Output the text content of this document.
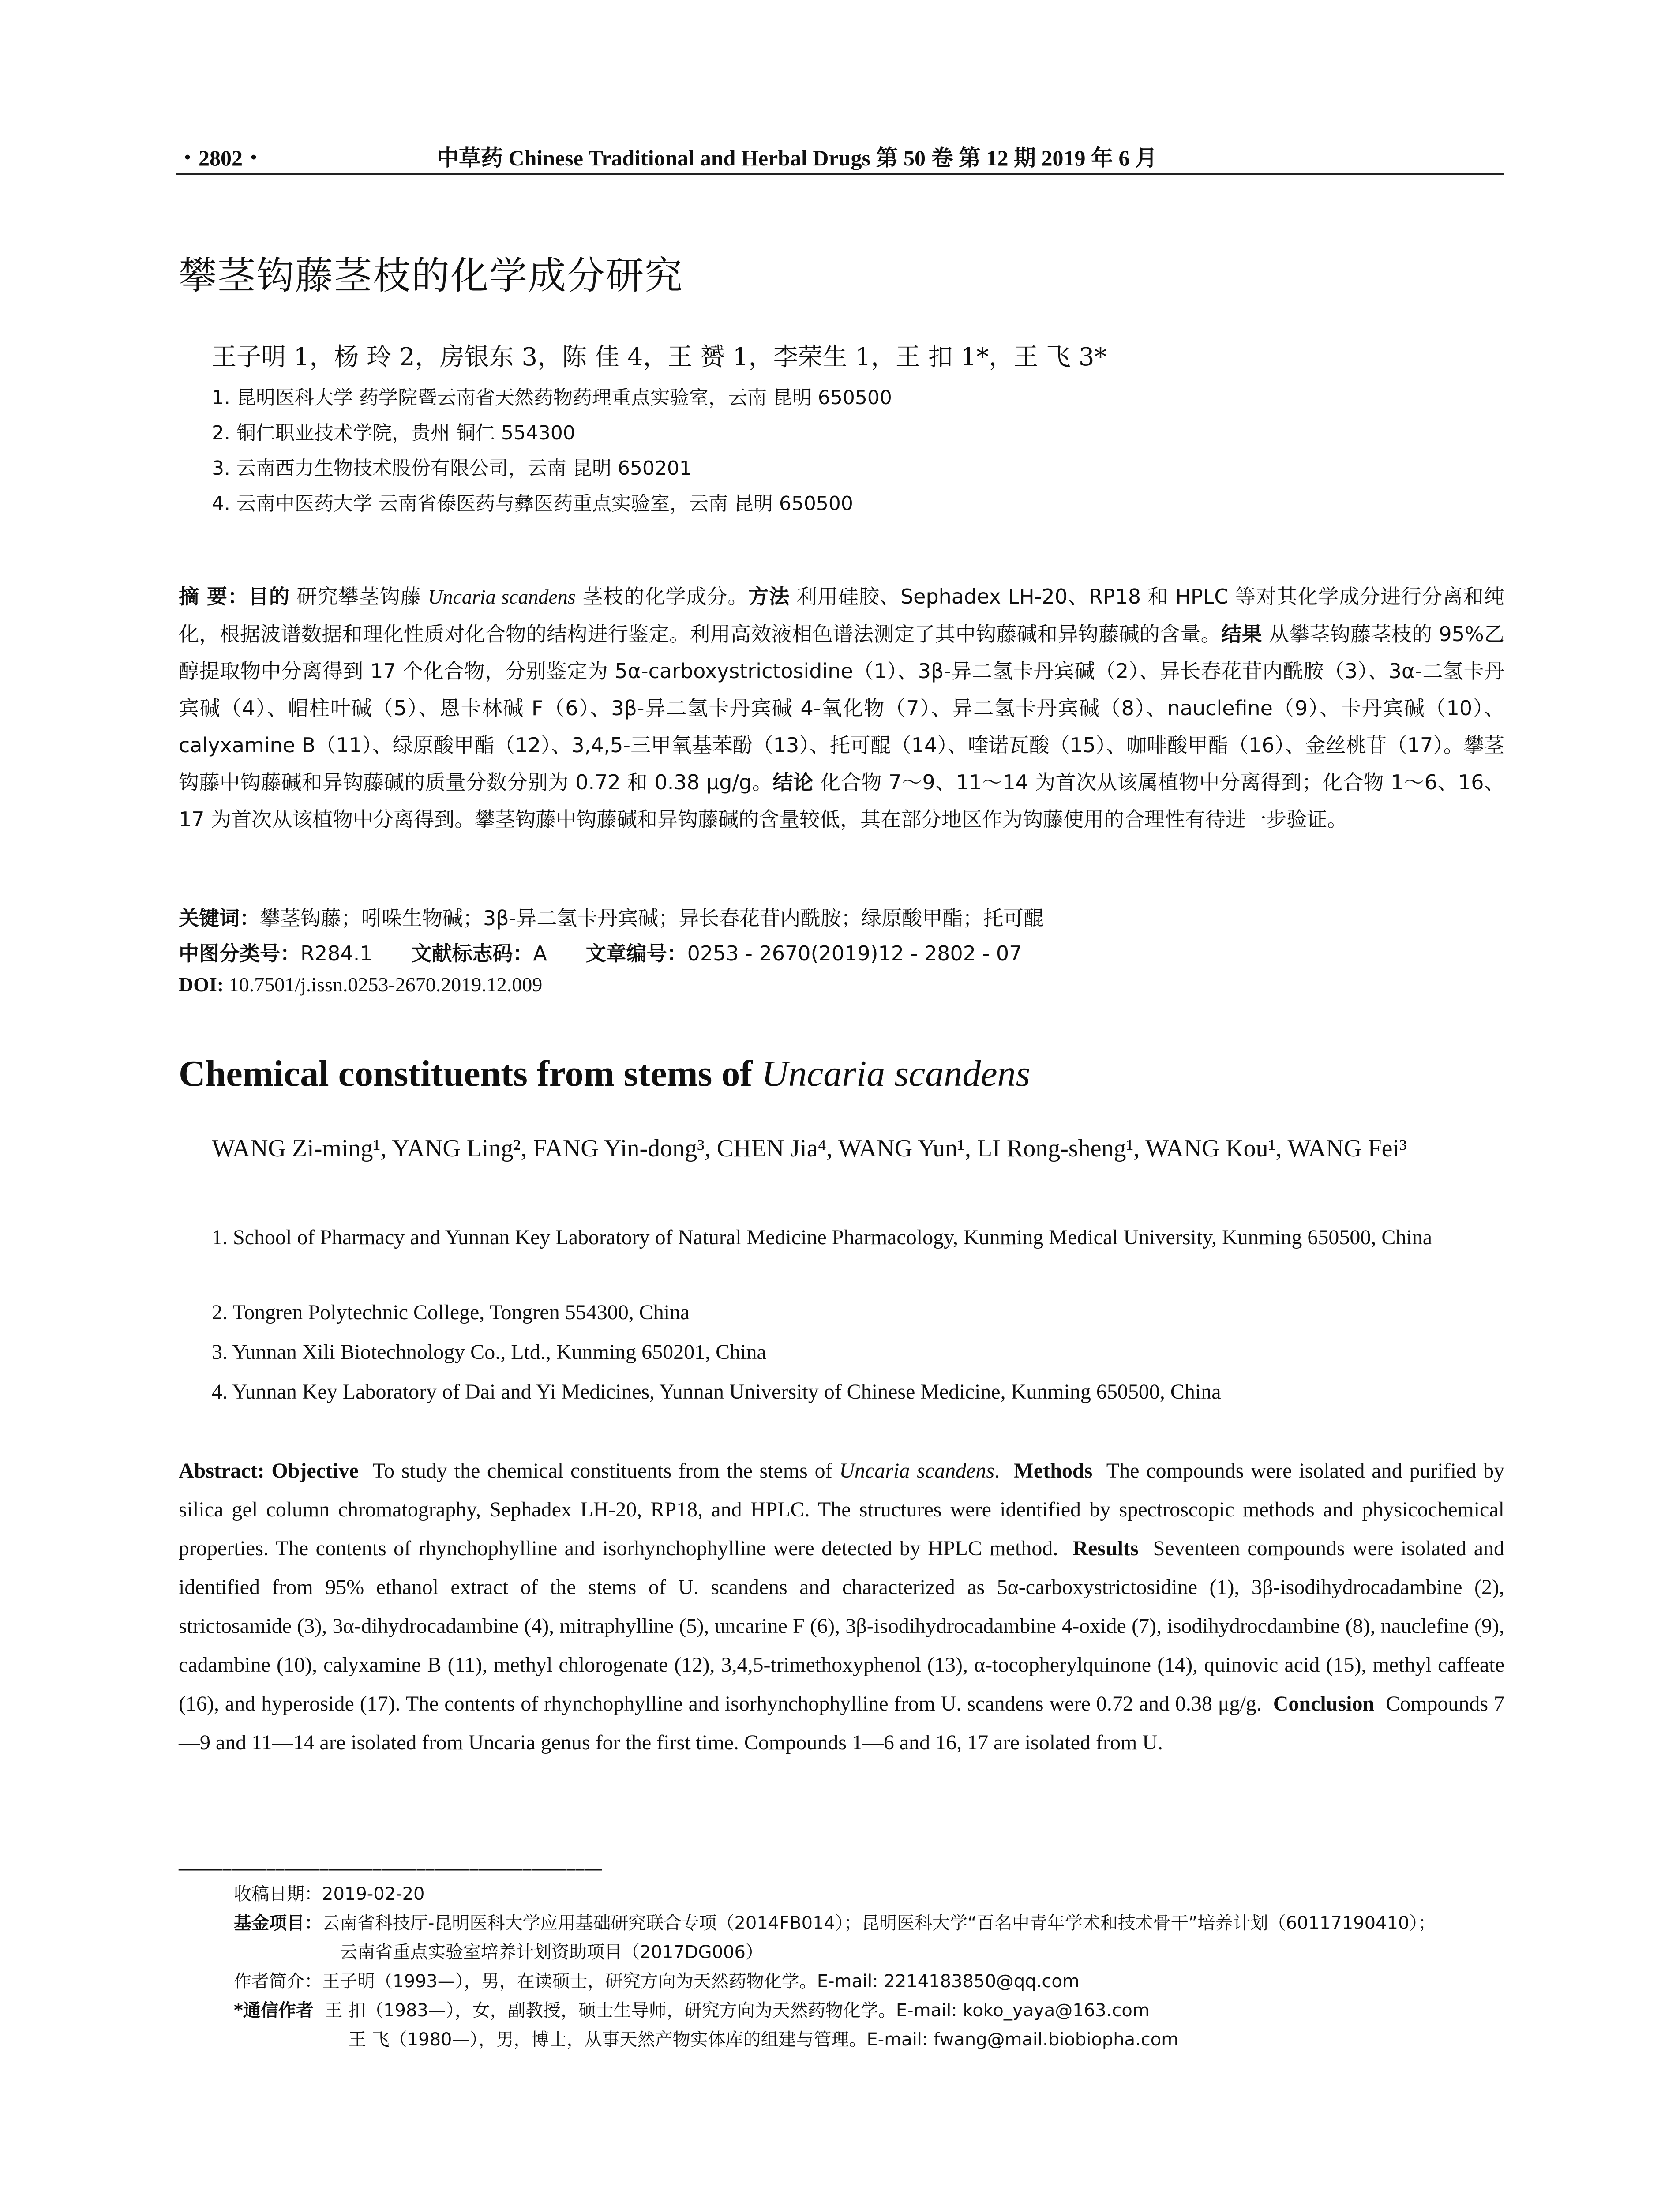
・2802・	中草药 Chinese Traditional and Herbal Drugs 第 50 卷 第 12 期 2019 年 6 月
攀茎钩藤茎枝的化学成分研究
王子明 1，杨 玲 2，房银东 3，陈 佳 4，王 赟 1，李荣生 1，王 扣 1*，王 飞 3*
1. 昆明医科大学 药学院暨云南省天然药物药理重点实验室，云南 昆明 650500
2. 铜仁职业技术学院，贵州 铜仁 554300
3. 云南西力生物技术股份有限公司，云南 昆明 650201
4. 云南中医药大学 云南省傣医药与彝医药重点实验室，云南 昆明 650500
摘 要：目的 研究攀茎钩藤 Uncaria scandens 茎枝的化学成分。方法 利用硅胶、Sephadex LH-20、RP18 和 HPLC 等对其化学成分进行分离和纯化，根据波谱数据和理化性质对化合物的结构进行鉴定。利用高效液相色谱法测定了其中钩藤碱和异钩藤碱的含量。结果 从攀茎钩藤茎枝的 95%乙醇提取物中分离得到 17 个化合物，分别鉴定为 5α-carboxystrictosidine（1）、3β-异二氢卡丹宾碱（2）、异长春花苷内酰胺（3）、3α-二氢卡丹宾碱（4）、帽柱叶碱（5）、恩卡林碱 F（6）、3β-异二氢卡丹宾碱 4-氧化物（7）、异二氢卡丹宾碱（8）、nauclefine（9）、卡丹宾碱（10）、calyxamine B（11）、绿原酸甲酯（12）、3,4,5-三甲氧基苯酚（13）、托可醌（14）、喹诺瓦酸（15）、咖啡酸甲酯（16）、金丝桃苷（17）。攀茎钩藤中钩藤碱和异钩藤碱的质量分数分别为 0.72 和 0.38 μg/g。结论 化合物 7～9、11～14 为首次从该属植物中分离得到；化合物 1～6、16、17 为首次从该植物中分离得到。攀茎钩藤中钩藤碱和异钩藤碱的含量较低，其在部分地区作为钩藤使用的合理性有待进一步验证。
关键词：攀茎钩藤；吲哚生物碱；3β-异二氢卡丹宾碱；异长春花苷内酰胺；绿原酸甲酯；托可醌
中图分类号：R284.1 文献标志码：A 文章编号：0253 - 2670(2019)12 - 2802 - 07
DOI: 10.7501/j.issn.0253-2670.2019.12.009
Chemical constituents from stems of Uncaria scandens
WANG Zi-ming¹, YANG Ling², FANG Yin-dong³, CHEN Jia⁴, WANG Yun¹, LI Rong-sheng¹, WANG Kou¹, WANG Fei³
1. School of Pharmacy and Yunnan Key Laboratory of Natural Medicine Pharmacology, Kunming Medical University, Kunming 650500, China
2. Tongren Polytechnic College, Tongren 554300, China
3. Yunnan Xili Biotechnology Co., Ltd., Kunming 650201, China
4. Yunnan Key Laboratory of Dai and Yi Medicines, Yunnan University of Chinese Medicine, Kunming 650500, China
Abstract: Objective To study the chemical constituents from the stems of Uncaria scandens. Methods The compounds were isolated and purified by silica gel column chromatography, Sephadex LH-20, RP18, and HPLC. The structures were identified by spectroscopic methods and physicochemical properties. The contents of rhynchophylline and isorhynchophylline were detected by HPLC method. Results Seventeen compounds were isolated and identified from 95% ethanol extract of the stems of U. scandens and characterized as 5α-carboxystrictosidine (1), 3β-isodihydrocadambine (2), strictosamide (3), 3α-dihydrocadambine (4), mitraphylline (5), uncarine F (6), 3β-isodihydrocadambine 4-oxide (7), isodihydrocdambine (8), nauclefine (9), cadambine (10), calyxamine B (11), methyl chlorogenate (12), 3,4,5-trimethoxyphenol (13), α-tocopherylquinone (14), quinovic acid (15), methyl caffeate (16), and hyperoside (17). The contents of rhynchophylline and isorhynchophylline from U. scandens were 0.72 and 0.38 μg/g. Conclusion Compounds 7—9 and 11—14 are isolated from Uncaria genus for the first time. Compounds 1—6 and 16, 17 are isolated from U.
________________________________________________
收稿日期：2019-02-20
基金项目：云南省科技厅-昆明医科大学应用基础研究联合专项（2014FB014）；昆明医科大学“百名中青年学术和技术骨干”培养计划（60117190410）；
云南省重点实验室培养计划资助项目（2017DG006）
作者简介：王子明（1993—），男，在读硕士，研究方向为天然药物化学。E-mail: 2214183850@qq.com
*通信作者 王 扣（1983—），女，副教授，硕士生导师，研究方向为天然药物化学。E-mail: koko_yaya@163.com
王 飞（1980—），男，博士，从事天然产物实体库的组建与管理。E-mail: fwang@mail.biobiopha.com
